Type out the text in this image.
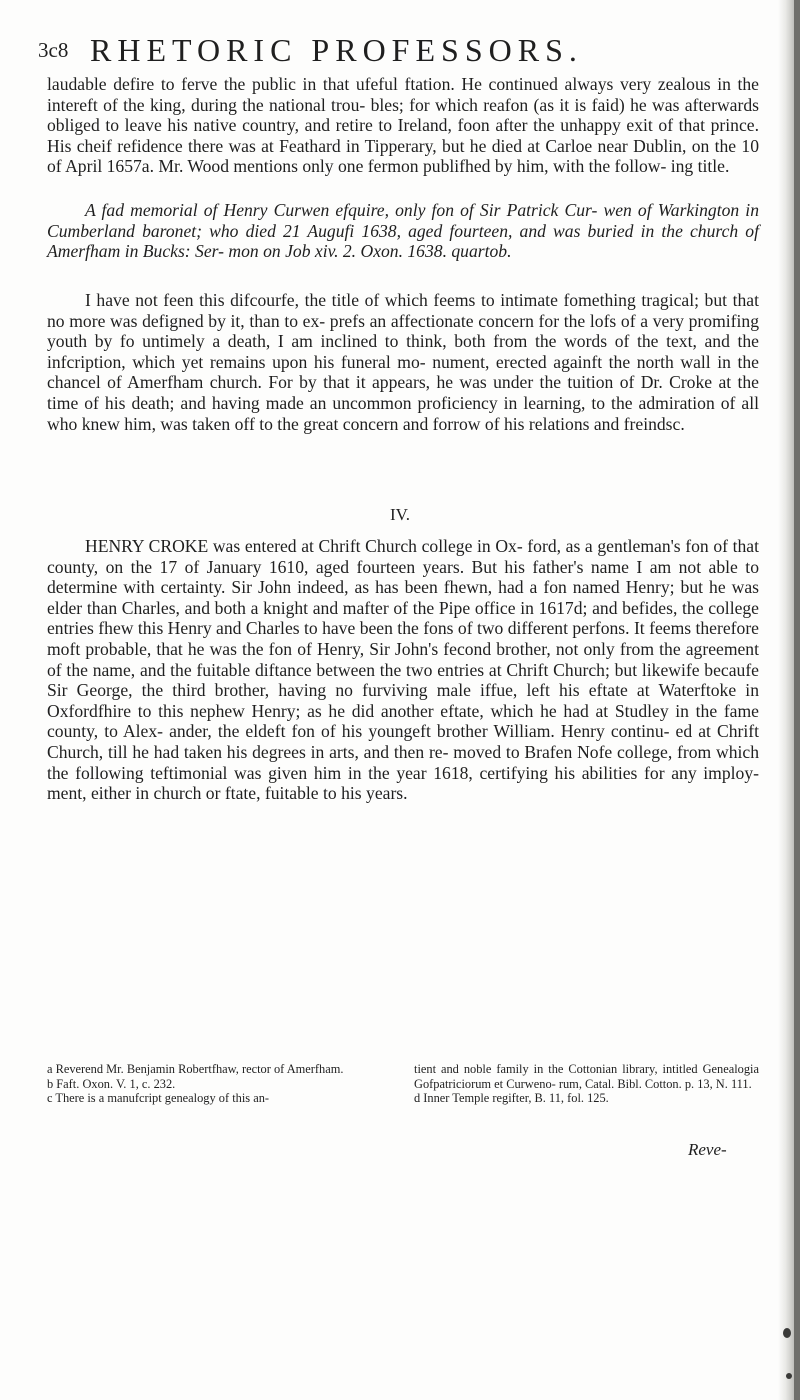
3c8 RHETORIC PROFESSORS.

laudable defire to ferve the public in that ufeful ftation. He continued always very zealous in the intereft of the king, during the national trou- bles; for which reafon (as it is faid) he was afterwards obliged to leave his native country, and retire to Ireland, foon after the unhappy exit of that prince. His cheif refidence there was at Feathard in Tipperary, but he died at Carloe near Dublin, on the 10 of April 1657a. Mr. Wood mentions only one fermon publifhed by him, with the follow- ing title.

A fad memorial of Henry Curwen efquire, only fon of Sir Patrick Cur- wen of Warkington in Cumberland baronet; who died 21 Augufi 1638, aged fourteen, and was buried in the church of Amerfham in Bucks: Ser- mon on Job xiv. 2. Oxon. 1638. quartob.

I have not feen this difcourfe, the title of which feems to intimate fomething tragical; but that no more was defigned by it, than to ex- prefs an affectionate concern for the lofs of a very promifing youth by fo untimely a death, I am inclined to think, both from the words of the text, and the infcription, which yet remains upon his funeral mo- nument, erected againft the north wall in the chancel of Amerfham church. For by that it appears, he was under the tuition of Dr. Croke at the time of his death; and having made an uncommon proficiency in learning, to the admiration of all who knew him, was taken off to the great concern and forrow of his relations and freindsc.

IV.

HENRY CROKE was entered at Chrift Church college in Ox- ford, as a gentleman's fon of that county, on the 17 of January 1610, aged fourteen years. But his father's name I am not able to determine with certainty. Sir John indeed, as has been fhewn, had a fon named Henry; but he was elder than Charles, and both a knight and mafter of the Pipe office in 1617d; and befides, the college entries fhew this Henry and Charles to have been the fons of two different perfons. It feems therefore moft probable, that he was the fon of Henry, Sir John's fecond brother, not only from the agreement of the name, and the fuitable diftance between the two entries at Chrift Church; but likewife becaufe Sir George, the third brother, having no furviving male iffue, left his eftate at Waterftoke in Oxfordfhire to this nephew Henry; as he did another eftate, which he had at Studley in the fame county, to Alex- ander, the eldeft fon of his youngeft brother William. Henry continu- ed at Chrift Church, till he had taken his degrees in arts, and then re- moved to Brafen Nofe college, from which the following teftimonial was given him in the year 1618, certifying his abilities for any imploy- ment, either in church or ftate, fuitable to his years.

a Reverend Mr. Benjamin Robertfhaw, rector of Amerfham.

b Faft. Oxon. V. 1, c. 232.

c There is a manufcript genealogy of this an-

tient and noble family in the Cottonian library, intitled Genealogia Gofpatriciorum et Curweno- rum, Catal. Bibl. Cotton. p. 13, N. 111.

d Inner Temple regifter, B. 11, fol. 125.

Reve-
